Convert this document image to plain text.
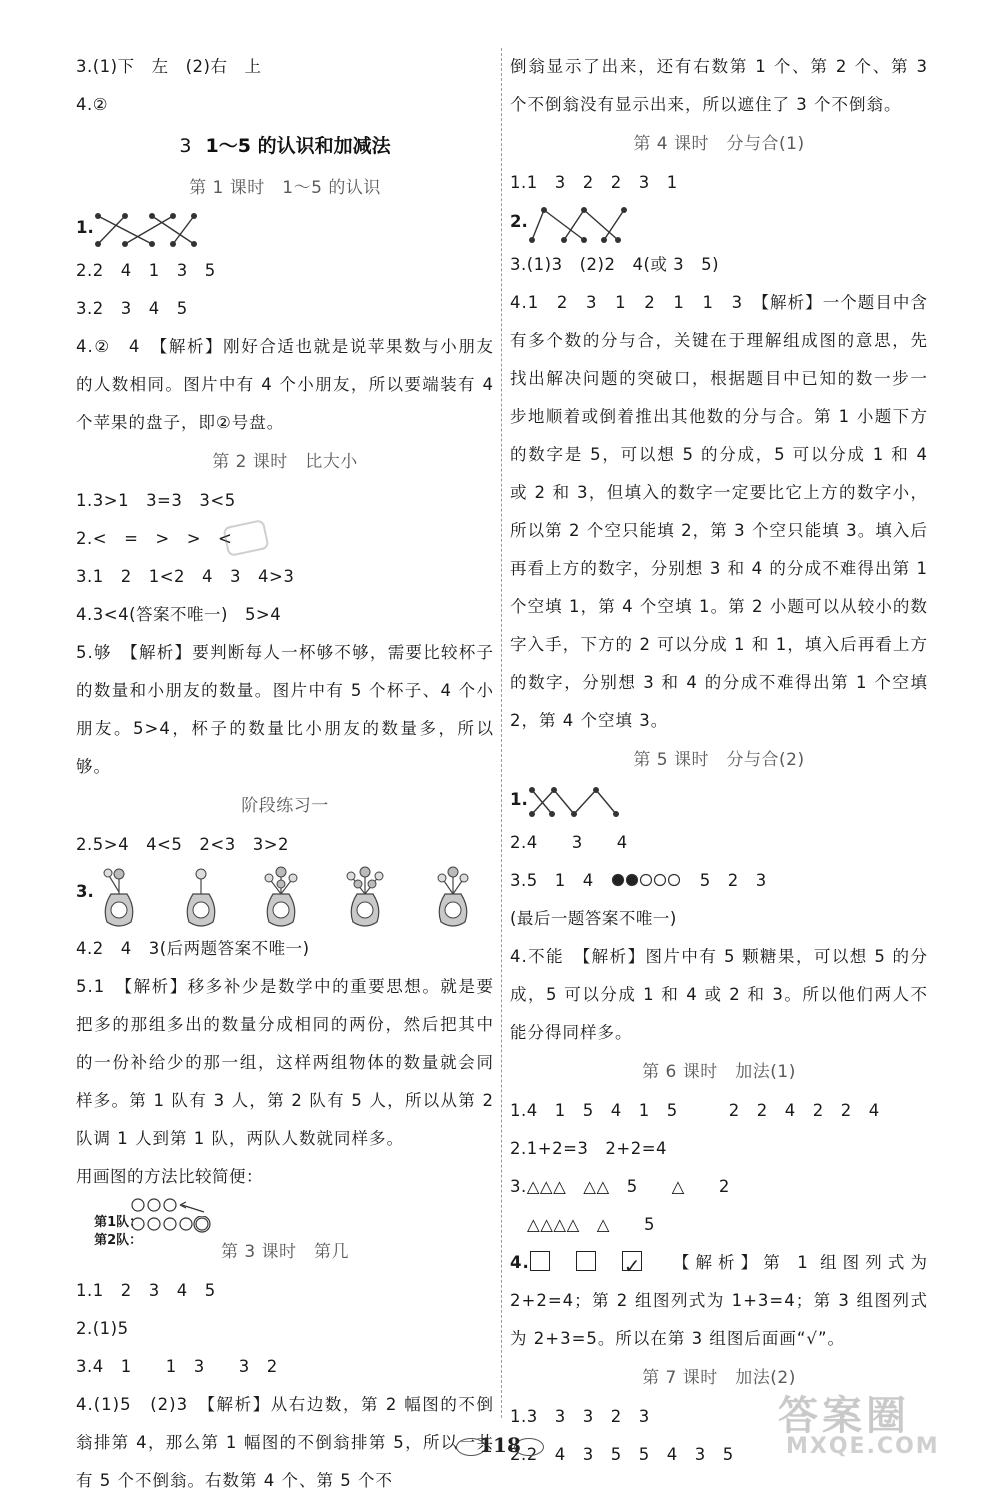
3.(1)下　左　(2)右　上
4.②
3 1～5 的认识和加减法
第 1 课时　1～5 的认识
1.
2.2　4　1　3　5
3.2　3　4　5
4.②　4　【解析】刚好合适也就是说苹果数与小朋友的人数相同。图片中有 4 个小朋友，所以要端装有 4 个苹果的盘子，即②号盘。
第 2 课时　比大小
1.3>1　3=3　3<5
2.<　=　>　>　<
3.1　2　1<2　4　3　4>3
4.3<4(答案不唯一)　5>4
5.够　【解析】要判断每人一杯够不够，需要比较杯子的数量和小朋友的数量。图片中有 5 个杯子、4 个小朋友。5>4，杯子的数量比小朋友的数量多，所以够。
阶段练习一
2.5>4　4<5　2<3　3>2
3.
4.2　4　3(后两题答案不唯一)
5.1　【解析】移多补少是数学中的重要思想。就是要把多的那组多出的数量分成相同的两份，然后把其中的一份补给少的那一组，这样两组物体的数量就会同样多。第 1 队有 3 人，第 2 队有 5 人，所以从第 2 队调 1 人到第 1 队，两队人数就同样多。
用画图的方法比较简便：

第1队：

第2队：

第 3 课时　第几
1.1　2　3　4　5
2.(1)5
3.4　1　　1　3　　3　2
4.(1)5　(2)3　【解析】从右边数，第 2 幅图的不倒翁排第 4，那么第 1 幅图的不倒翁排第 5，所以一共有 5 个不倒翁。右数第 4 个、第 5 个不
倒翁显示了出来，还有右数第 1 个、第 2 个、第 3 个不倒翁没有显示出来，所以遮住了 3 个不倒翁。
第 4 课时　分与合(1)
1.1　3　2　2　3　1
2.
3.(1)3　(2)2　4(或 3　5)
4.1　2　3　1　2　1　1　3　【解析】一个题目中含有多个数的分与合，关键在于理解组成图的意思，先找出解决问题的突破口，根据题目中已知的数一步一步地顺着或倒着推出其他数的分与合。第 1 小题下方的数字是 5，可以想 5 的分成，5 可以分成 1 和 4 或 2 和 3，但填入的数字一定要比它上方的数字小，所以第 2 个空只能填 2，第 3 个空只能填 3。填入后再看上方的数字，分别想 3 和 4 的分成不难得出第 1 个空填 1，第 4 个空填 1。第 2 小题可以从较小的数字入手，下方的 2 可以分成 1 和 1，填入后再看上方的数字，分别想 3 和 4 的分成不难得出第 1 个空填 2，第 4 个空填 3。
第 5 课时　分与合(2)
1.
2.4　　3　　4
3.5　1　4　	　5　2　3
(最后一题答案不唯一)
4.不能　【解析】图片中有 5 颗糖果，可以想 5 的分成，5 可以分成 1 和 4 或 2 和 3。所以他们两人不能分得同样多。
第 6 课时　加法(1)
1.4　1　5　4　1　5　　　2　2　4　2　2　4
2.1+2=3　2+2=4
3.△△△　△△　5　　△　　2
　△△△△　△　　5
4. ✓	【解析】第 1 组图列式为 2+2=4；第 2 组图列式为 1+3=4；第 3 组图列式为 2+3=5。所以在第 3 组图后面画“√”。
第 7 课时　加法(2)
1.3　3　3　2　3
2.2　4　3　5　5　4　3　5
118
答案圈
MXQE.COM
